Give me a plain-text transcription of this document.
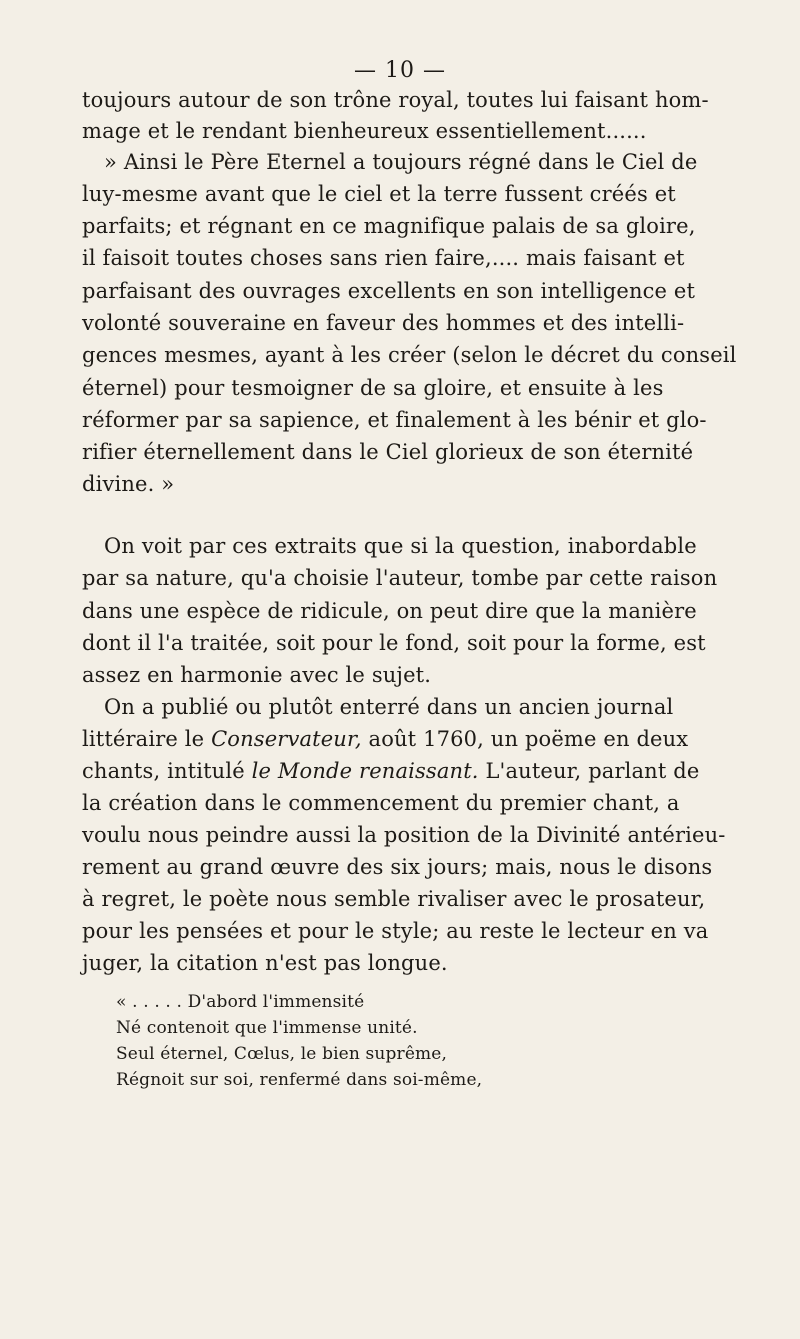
— 10 —
toujours autour de son trône royal, toutes lui faisant hom-
mage et le rendant bienheureux essentiellement......
» Ainsi le Père Eternel a toujours régné dans le Ciel de
luy-mesme avant que le ciel et la terre fussent créés et
parfaits; et régnant en ce magnifique palais de sa gloire,
il faisoit toutes choses sans rien faire,.... mais faisant et
parfaisant des ouvrages excellents en son intelligence et
volonté souveraine en faveur des hommes et des intelli-
gences mesmes, ayant à les créer (selon le décret du conseil
éternel) pour tesmoigner de sa gloire, et ensuite à les
réformer par sa sapience, et finalement à les bénir et glo-
rifier éternellement dans le Ciel glorieux de son éternité
divine. »
On voit par ces extraits que si la question, inabordable
par sa nature, qu'a choisie l'auteur, tombe par cette raison
dans une espèce de ridicule, on peut dire que la manière
dont il l'a traitée, soit pour le fond, soit pour la forme, est
assez en harmonie avec le sujet.
On a publié ou plutôt enterré dans un ancien journal
littéraire le Conservateur, août 1760, un poëme en deux
chants, intitulé le Monde renaissant. L'auteur, parlant de
la création dans le commencement du premier chant, a
voulu nous peindre aussi la position de la Divinité antérieu-
rement au grand œuvre des six jours; mais, nous le disons
à regret, le poète nous semble rivaliser avec le prosateur,
pour les pensées et pour le style; au reste le lecteur en va
juger, la citation n'est pas longue.
« . . . . . D'abord l'immensité
Né contenoit que l'immense unité.
Seul éternel, Cœlus, le bien suprême,
Régnoit sur soi, renfermé dans soi-même,
